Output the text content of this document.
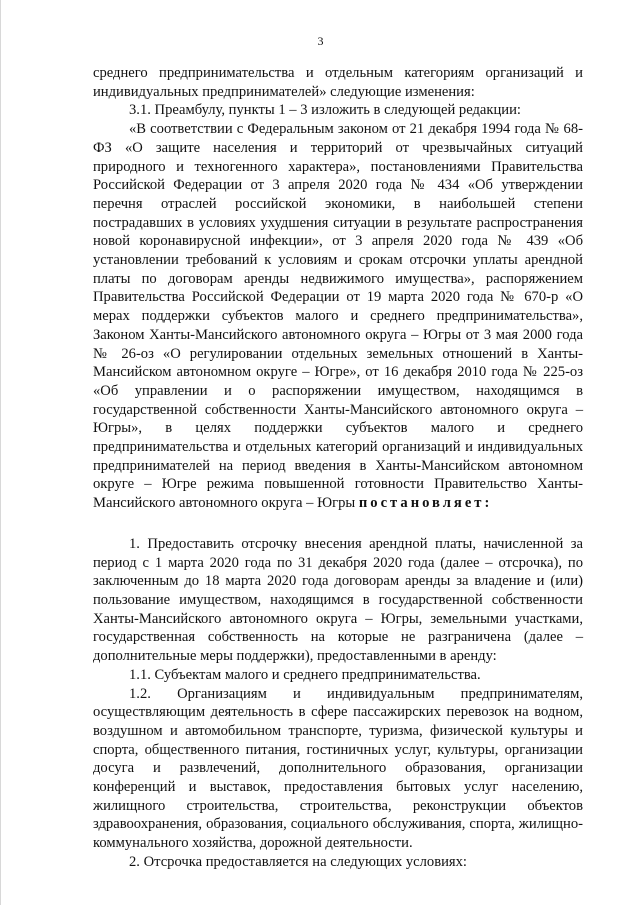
3

среднего предпринимательства и отдельным категориям организаций и индивидуальных предпринимателей» следующие изменения:

3.1. Преамбулу, пункты 1 – 3 изложить в следующей редакции:

«В соответствии с Федеральным законом от 21 декабря 1994 года № 68-ФЗ «О защите населения и территорий от чрезвычайных ситуаций природного и техногенного характера», постановлениями Правительства Российской Федерации от 3 апреля 2020 года № 434 «Об утверждении перечня отраслей российской экономики, в наибольшей степени пострадавших в условиях ухудшения ситуации в результате распространения новой коронавирусной инфекции», от 3 апреля 2020 года № 439 «Об установлении требований к условиям и срокам отсрочки уплаты арендной платы по договорам аренды недвижимого имущества», распоряжением Правительства Российской Федерации от 19 марта 2020 года № 670-р «О мерах поддержки субъектов малого и среднего предпринимательства», Законом Ханты-Мансийского автономного округа – Югры от 3 мая 2000 года № 26-оз «О регулировании отдельных земельных отношений в Ханты-Мансийском автономном округе – Югре», от 16 декабря 2010 года № 225-оз «Об управлении и о распоряжении имуществом, находящимся в государственной собственности Ханты-Мансийского автономного округа – Югры», в целях поддержки субъектов малого и среднего предпринимательства и отдельных категорий организаций и индивидуальных предпринимателей на период введения в Ханты-Мансийском автономном округе – Югре режима повышенной готовности Правительство Ханты-Мансийского автономного округа – Югры постановляет:

1. Предоставить отсрочку внесения арендной платы, начисленной за период с 1 марта 2020 года по 31 декабря 2020 года (далее – отсрочка), по заключенным до 18 марта 2020 года договорам аренды за владение и (или) пользование имуществом, находящимся в государственной собственности Ханты-Мансийского автономного округа – Югры, земельными участками, государственная собственность на которые не разграничена (далее – дополнительные меры поддержки), предоставленными в аренду:

1.1. Субъектам малого и среднего предпринимательства.

1.2. Организациям и индивидуальным предпринимателям, осуществляющим деятельность в сфере пассажирских перевозок на водном, воздушном и автомобильном транспорте, туризма, физической культуры и спорта, общественного питания, гостиничных услуг, культуры, организации досуга и развлечений, дополнительного образования, организации конференций и выставок, предоставления бытовых услуг населению, жилищного строительства, строительства, реконструкции объектов здравоохранения, образования, социального обслуживания, спорта, жилищно-коммунального хозяйства, дорожной деятельности.

2. Отсрочка предоставляется на следующих условиях:
